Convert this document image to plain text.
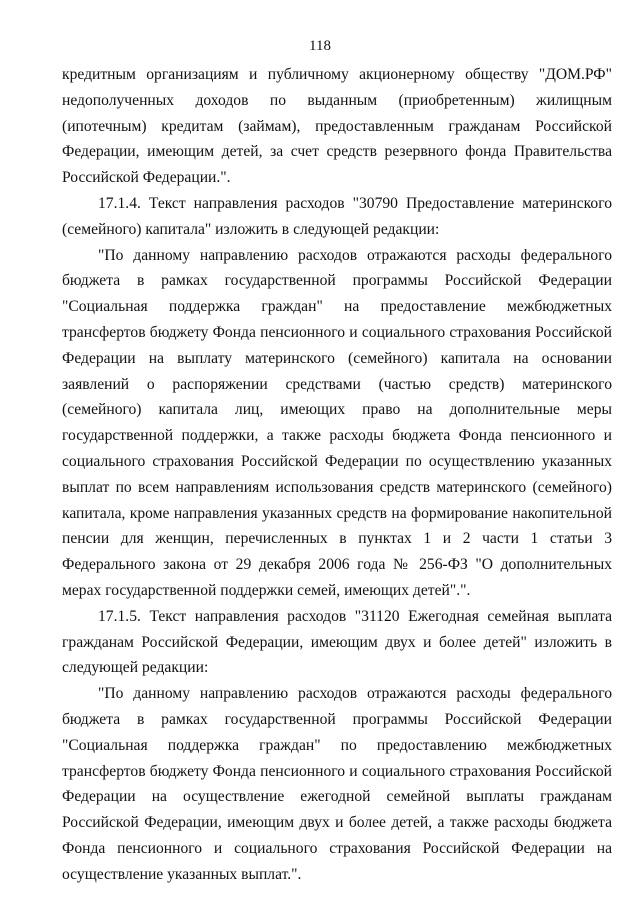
118

кредитным организациям и публичному акционерному обществу "ДОМ.РФ" недополученных доходов по выданным (приобретенным) жилищным (ипотечным) кредитам (займам), предоставленным гражданам Российской Федерации, имеющим детей, за счет средств резервного фонда Правительства Российской Федерации.".

17.1.4. Текст направления расходов "30790 Предоставление материнского (семейного) капитала" изложить в следующей редакции:

"По данному направлению расходов отражаются расходы федерального бюджета в рамках государственной программы Российской Федерации "Социальная поддержка граждан" на предоставление межбюджетных трансфертов бюджету Фонда пенсионного и социального страхования Российской Федерации на выплату материнского (семейного) капитала на основании заявлений о распоряжении средствами (частью средств) материнского (семейного) капитала лиц, имеющих право на дополнительные меры государственной поддержки, а также расходы бюджета Фонда пенсионного и социального страхования Российской Федерации по осуществлению указанных выплат по всем направлениям использования средств материнского (семейного) капитала, кроме направления указанных средств на формирование накопительной пенсии для женщин, перечисленных в пунктах 1 и 2 части 1 статьи 3 Федерального закона от 29 декабря 2006 года № 256-ФЗ "О дополнительных мерах государственной поддержки семей, имеющих детей".".

17.1.5. Текст направления расходов "31120 Ежегодная семейная выплата гражданам Российской Федерации, имеющим двух и более детей" изложить в следующей редакции:

"По данному направлению расходов отражаются расходы федерального бюджета в рамках государственной программы Российской Федерации "Социальная поддержка граждан" по предоставлению межбюджетных трансфертов бюджету Фонда пенсионного и социального страхования Российской Федерации на осуществление ежегодной семейной выплаты гражданам Российской Федерации, имеющим двух и более детей, а также расходы бюджета Фонда пенсионного и социального страхования Российской Федерации на осуществление указанных выплат.".
